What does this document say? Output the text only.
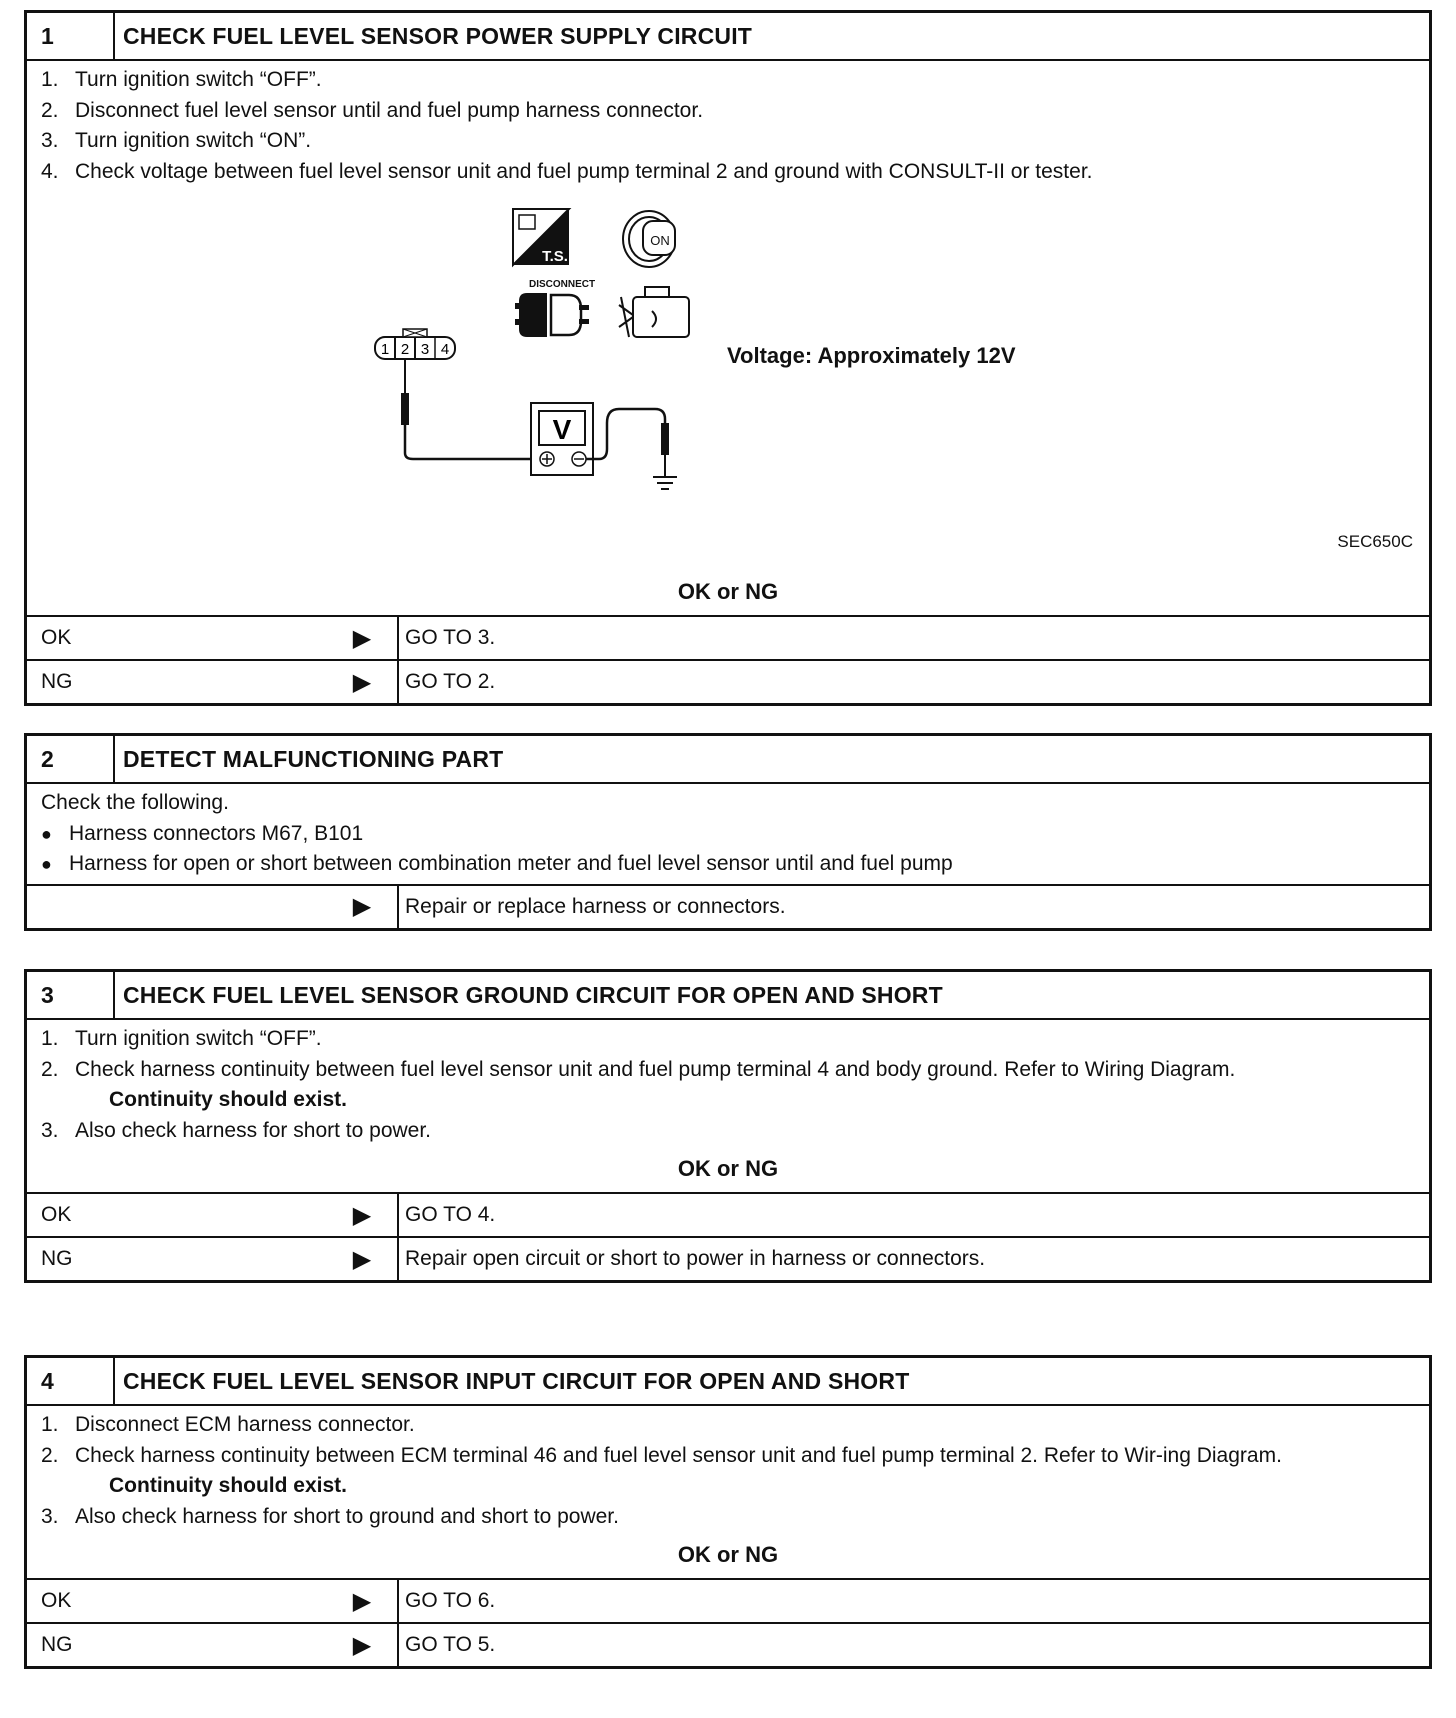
1	CHECK FUEL LEVEL SENSOR POWER SUPPLY CIRCUIT
1. Turn ignition switch “OFF”.
2. Disconnect fuel level sensor until and fuel pump harness connector.
3. Turn ignition switch “ON”.
4. Check voltage between fuel level sensor unit and fuel pump terminal 2 and ground with CONSULT-II or tester.
T.S.
ON
DISCONNECT
1 2 3 4
V
Voltage: Approximately 12V
SEC650C
OK or NG
OK	▶	GO TO 3.
NG	▶	GO TO 2.
2	DETECT MALFUNCTIONING PART
Check the following.
● Harness connectors M67, B101
● Harness for open or short between combination meter and fuel level sensor until and fuel pump
▶	Repair or replace harness or connectors.
3	CHECK FUEL LEVEL SENSOR GROUND CIRCUIT FOR OPEN AND SHORT
1. Turn ignition switch “OFF”.
2. Check harness continuity between fuel level sensor unit and fuel pump terminal 4 and body ground. Refer to Wiring Diagram.
Continuity should exist.
3. Also check harness for short to power.
OK or NG
OK	▶	GO TO 4.
NG	▶	Repair open circuit or short to power in harness or connectors.
4	CHECK FUEL LEVEL SENSOR INPUT CIRCUIT FOR OPEN AND SHORT
1. Disconnect ECM harness connector.
2. Check harness continuity between ECM terminal 46 and fuel level sensor unit and fuel pump terminal 2. Refer to Wir-ing Diagram.
Continuity should exist.
3. Also check harness for short to ground and short to power.
OK or NG
OK	▶	GO TO 6.
NG	▶	GO TO 5.
